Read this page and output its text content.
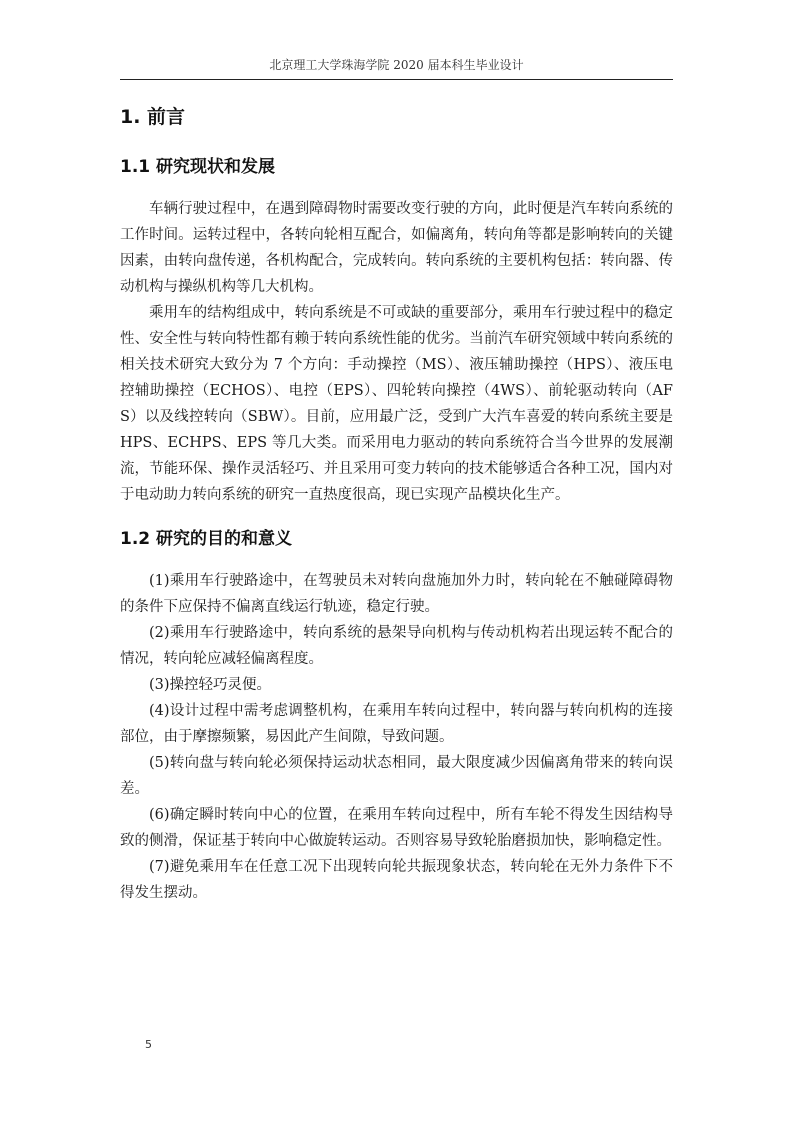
北京理工大学珠海学院 2020 届本科生毕业设计
1. 前言
1.1 研究现状和发展

车辆行驶过程中，在遇到障碍物时需要改变行驶的方向，此时便是汽车转向系统的工作时间。运转过程中，各转向轮相互配合，如偏离角，转向角等都是影响转向的关键因素，由转向盘传递，各机构配合，完成转向。转向系统的主要机构包括：转向器、传动机构与操纵机构等几大机构。

乘用车的结构组成中，转向系统是不可或缺的重要部分，乘用车行驶过程中的稳定性、安全性与转向特性都有赖于转向系统性能的优劣。当前汽车研究领域中转向系统的相关技术研究大致分为 7 个方向：手动操控（MS）、液压辅助操控（HPS）、液压电控辅助操控（ECHOS）、电控（EPS）、四轮转向操控（4WS）、前轮驱动转向（AFS）以及线控转向（SBW）。目前，应用最广泛，受到广大汽车喜爱的转向系统主要是 HPS、ECHPS、EPS 等几大类。而采用电力驱动的转向系统符合当今世界的发展潮流，节能环保、操作灵活轻巧、并且采用可变力转向的技术能够适合各种工况，国内对于电动助力转向系统的研究一直热度很高，现已实现产品模块化生产。

1.2 研究的目的和意义

(1)乘用车行驶路途中，在驾驶员未对转向盘施加外力时，转向轮在不触碰障碍物的条件下应保持不偏离直线运行轨迹，稳定行驶。

(2)乘用车行驶路途中，转向系统的悬架导向机构与传动机构若出现运转不配合的情况，转向轮应减轻偏离程度。

(3)操控轻巧灵便。

(4)设计过程中需考虑调整机构，在乘用车转向过程中，转向器与转向机构的连接部位，由于摩擦频繁，易因此产生间隙，导致问题。

(5)转向盘与转向轮必须保持运动状态相同，最大限度减少因偏离角带来的转向误差。

(6)确定瞬时转向中心的位置，在乘用车转向过程中，所有车轮不得发生因结构导致的侧滑，保证基于转向中心做旋转运动。否则容易导致轮胎磨损加快，影响稳定性。

(7)避免乘用车在任意工况下出现转向轮共振现象状态，转向轮在无外力条件下不得发生摆动。

5
